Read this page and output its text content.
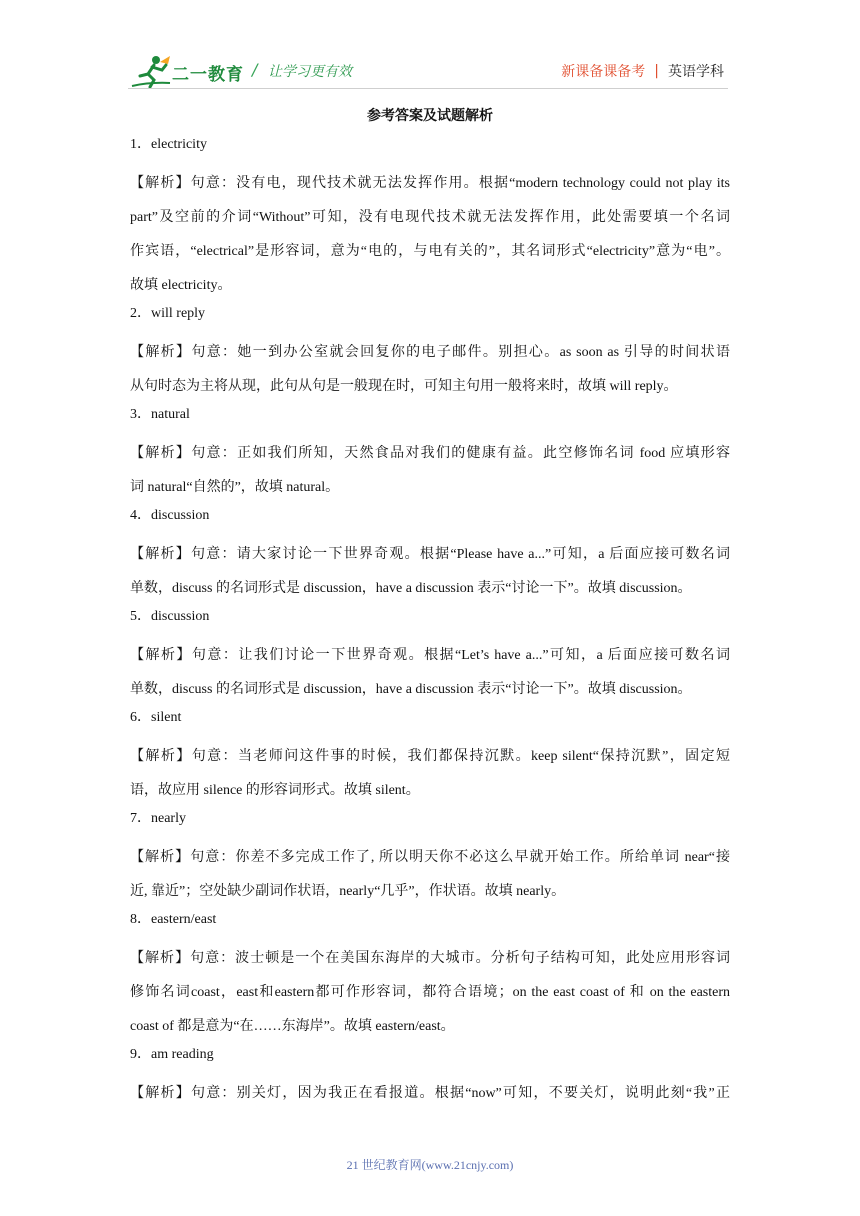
二一教育 / 让学习更有效	新课备课备考 | 英语学科
参考答案及试题解析
1．electricity
【解析】句意：没有电，现代技术就无法发挥作用。根据“modern technology could not play its
part”及空前的介词“Without”可知，没有电现代技术就无法发挥作用，此处需要填一个名词
作宾语，“electrical”是形容词，意为“电的，与电有关的”，其名词形式“electricity”意为“电”。
故填 electricity。
2．will reply
【解析】句意：她一到办公室就会回复你的电子邮件。别担心。as soon as 引导的时间状语
从句时态为主将从现，此句从句是一般现在时，可知主句用一般将来时，故填 will reply。
3．natural
【解析】句意：正如我们所知，天然食品对我们的健康有益。此空修饰名词 food 应填形容
词 natural“自然的”，故填 natural。
4．discussion
【解析】句意：请大家讨论一下世界奇观。根据“Please have a...”可知，a 后面应接可数名词
单数，discuss 的名词形式是 discussion，have a discussion 表示“讨论一下”。故填 discussion。
5．discussion
【解析】句意：让我们讨论一下世界奇观。根据“Let’s have a...”可知，a 后面应接可数名词
单数，discuss 的名词形式是 discussion，have a discussion 表示“讨论一下”。故填 discussion。
6．silent
【解析】句意：当老师问这件事的时候，我们都保持沉默。keep silent“保持沉默”，固定短
语，故应用 silence 的形容词形式。故填 silent。
7．nearly
【解析】句意：你差不多完成工作了, 所以明天你不必这么早就开始工作。所给单词 near“接
近, 靠近”；空处缺少副词作状语，nearly“几乎”，作状语。故填 nearly。
8．eastern/east
【解析】句意：波士顿是一个在美国东海岸的大城市。分析句子结构可知，此处应用形容词
修饰名词coast，east和eastern都可作形容词，都符合语境；on the east coast of 和 on the eastern
coast of 都是意为“在……东海岸”。故填 eastern/east。
9．am reading
【解析】句意：别关灯，因为我正在看报道。根据“now”可知，不要关灯，说明此刻“我”正
21 世纪教育网(www.21cnjy.com)
